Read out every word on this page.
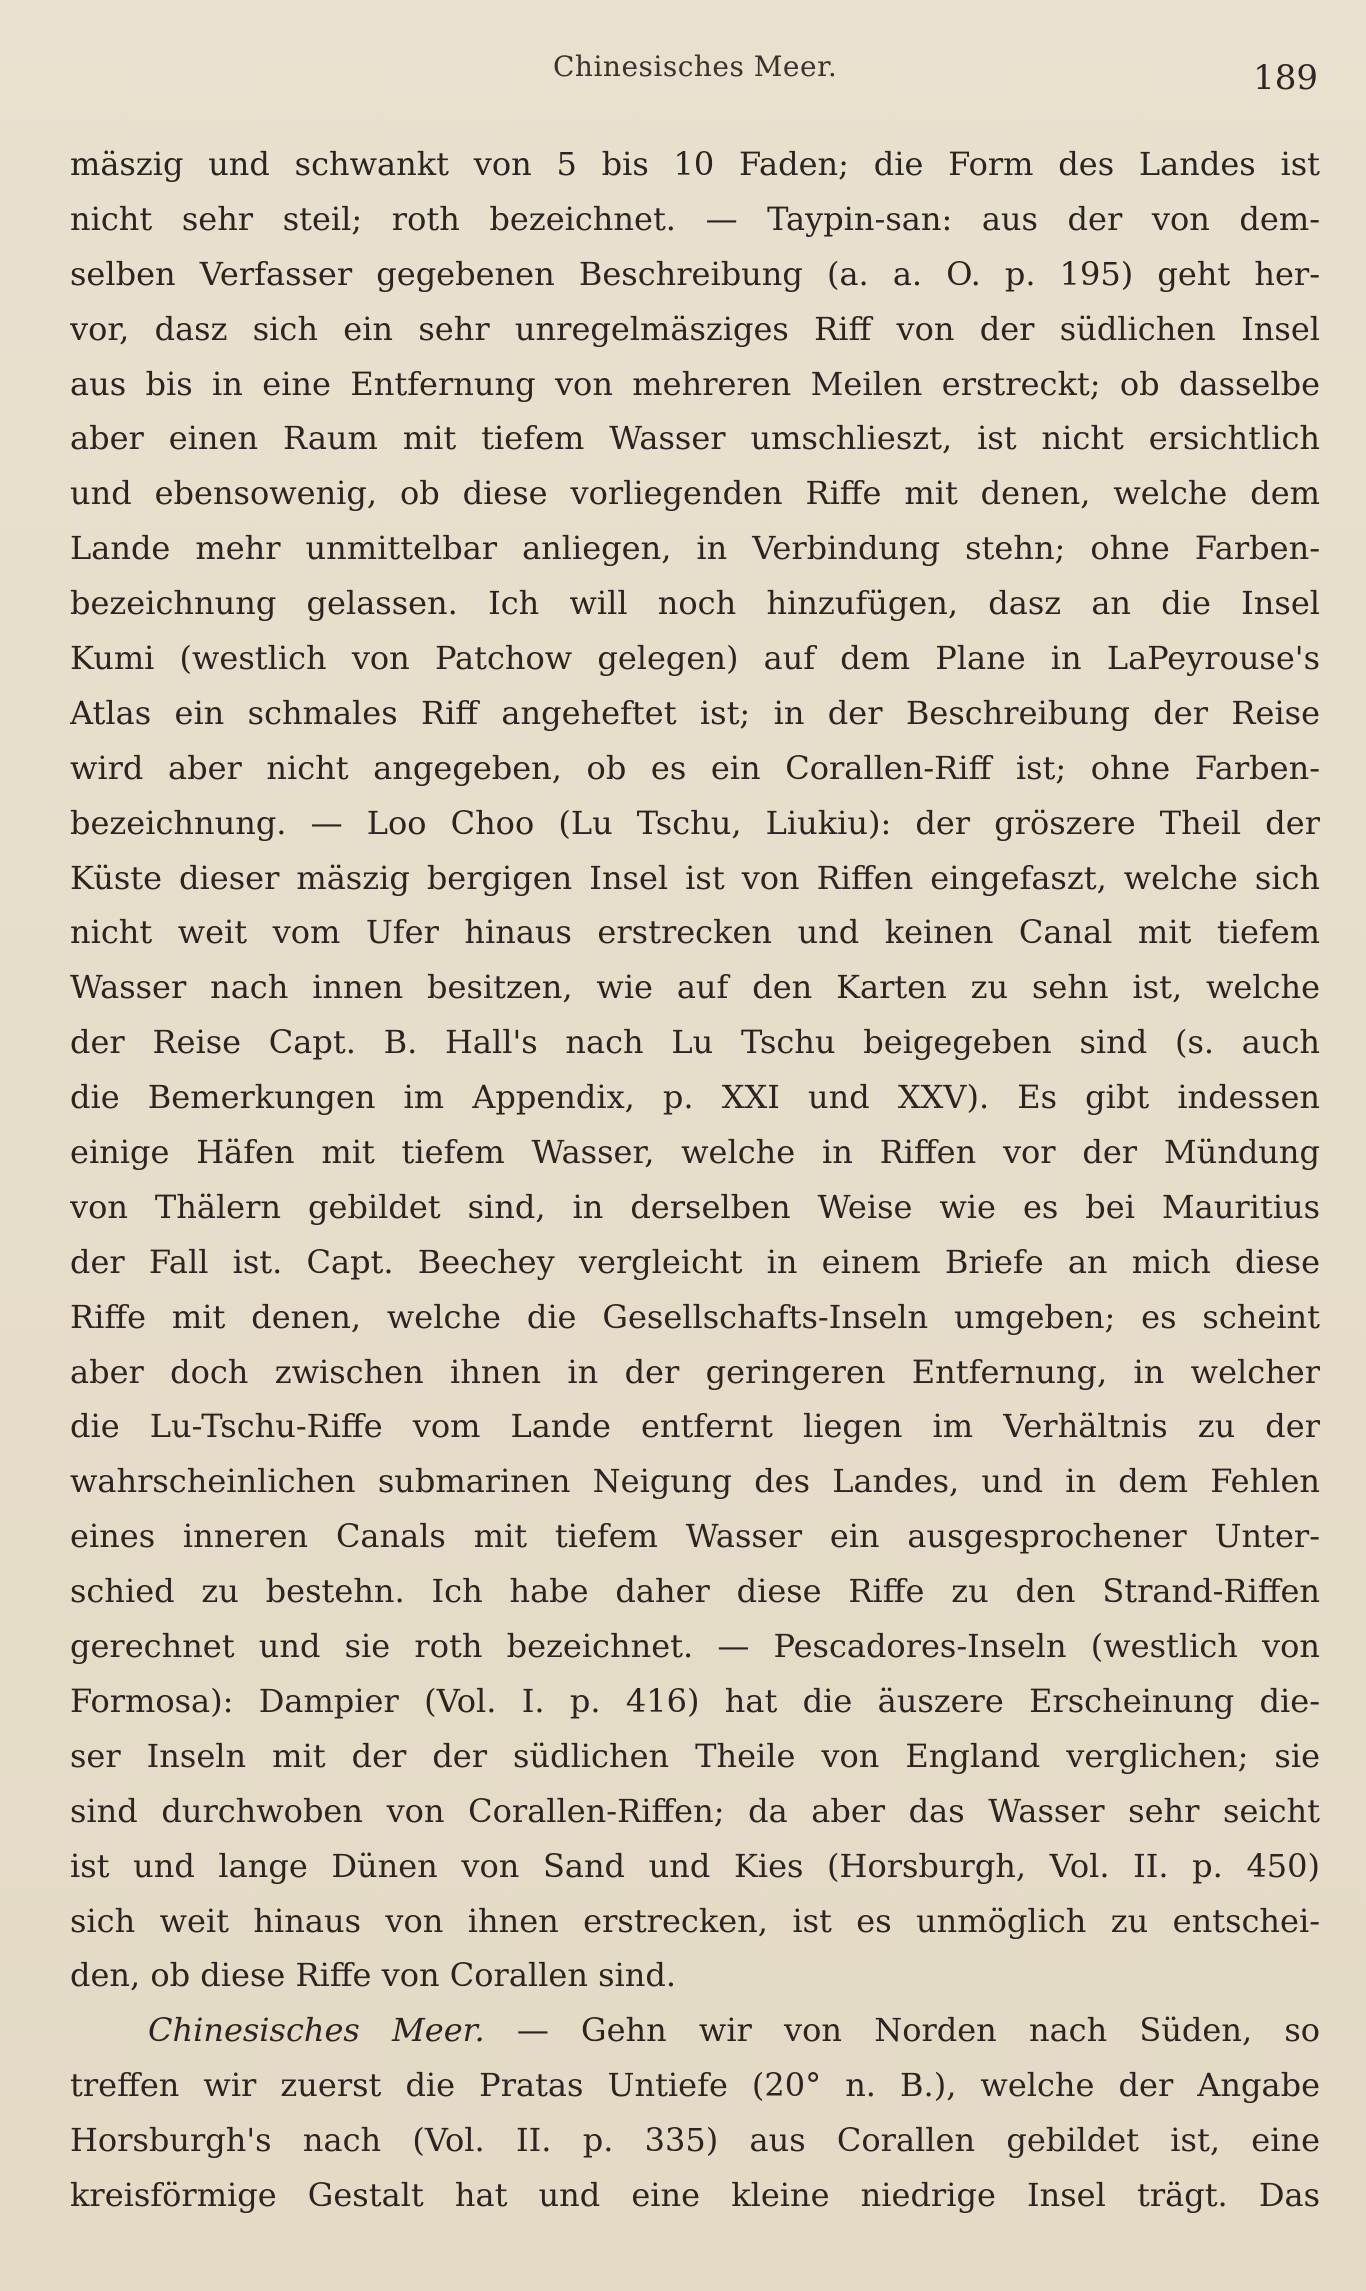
Chinesisches Meer.	189
mäszig und schwankt von 5 bis 10 Faden; die Form des Landes ist
nicht sehr steil; roth bezeichnet. — Taypin-san: aus der von dem-
selben Verfasser gegebenen Beschreibung (a. a. O. p. 195) geht her-
vor, dasz sich ein sehr unregelmäsziges Riff von der südlichen Insel
aus bis in eine Entfernung von mehreren Meilen erstreckt; ob dasselbe
aber einen Raum mit tiefem Wasser umschlieszt, ist nicht ersichtlich
und ebensowenig, ob diese vorliegenden Riffe mit denen, welche dem
Lande mehr unmittelbar anliegen, in Verbindung stehn; ohne Farben-
bezeichnung gelassen. Ich will noch hinzufügen, dasz an die Insel
Kumi (westlich von Patchow gelegen) auf dem Plane in LaPeyrouse's
Atlas ein schmales Riff angeheftet ist; in der Beschreibung der Reise
wird aber nicht angegeben, ob es ein Corallen-Riff ist; ohne Farben-
bezeichnung. — Loo Choo (Lu Tschu, Liukiu): der gröszere Theil der
Küste dieser mäszig bergigen Insel ist von Riffen eingefaszt, welche sich
nicht weit vom Ufer hinaus erstrecken und keinen Canal mit tiefem
Wasser nach innen besitzen, wie auf den Karten zu sehn ist, welche
der Reise Capt. B. Hall's nach Lu Tschu beigegeben sind (s. auch
die Bemerkungen im Appendix, p. XXI und XXV). Es gibt indessen
einige Häfen mit tiefem Wasser, welche in Riffen vor der Mündung
von Thälern gebildet sind, in derselben Weise wie es bei Mauritius
der Fall ist. Capt. Beechey vergleicht in einem Briefe an mich diese
Riffe mit denen, welche die Gesellschafts-Inseln umgeben; es scheint
aber doch zwischen ihnen in der geringeren Entfernung, in welcher
die Lu-Tschu-Riffe vom Lande entfernt liegen im Verhältnis zu der
wahrscheinlichen submarinen Neigung des Landes, und in dem Fehlen
eines inneren Canals mit tiefem Wasser ein ausgesprochener Unter-
schied zu bestehn. Ich habe daher diese Riffe zu den Strand-Riffen
gerechnet und sie roth bezeichnet. — Pescadores-Inseln (westlich von
Formosa): Dampier (Vol. I. p. 416) hat die äuszere Erscheinung die-
ser Inseln mit der der südlichen Theile von England verglichen; sie
sind durchwoben von Corallen-Riffen; da aber das Wasser sehr seicht
ist und lange Dünen von Sand und Kies (Horsburgh, Vol. II. p. 450)
sich weit hinaus von ihnen erstrecken, ist es unmöglich zu entschei-
den, ob diese Riffe von Corallen sind.
Chinesisches Meer. — Gehn wir von Norden nach Süden, so
treffen wir zuerst die Pratas Untiefe (20° n. B.), welche der Angabe
Horsburgh's nach (Vol. II. p. 335) aus Corallen gebildet ist, eine
kreisförmige Gestalt hat und eine kleine niedrige Insel trägt. Das
